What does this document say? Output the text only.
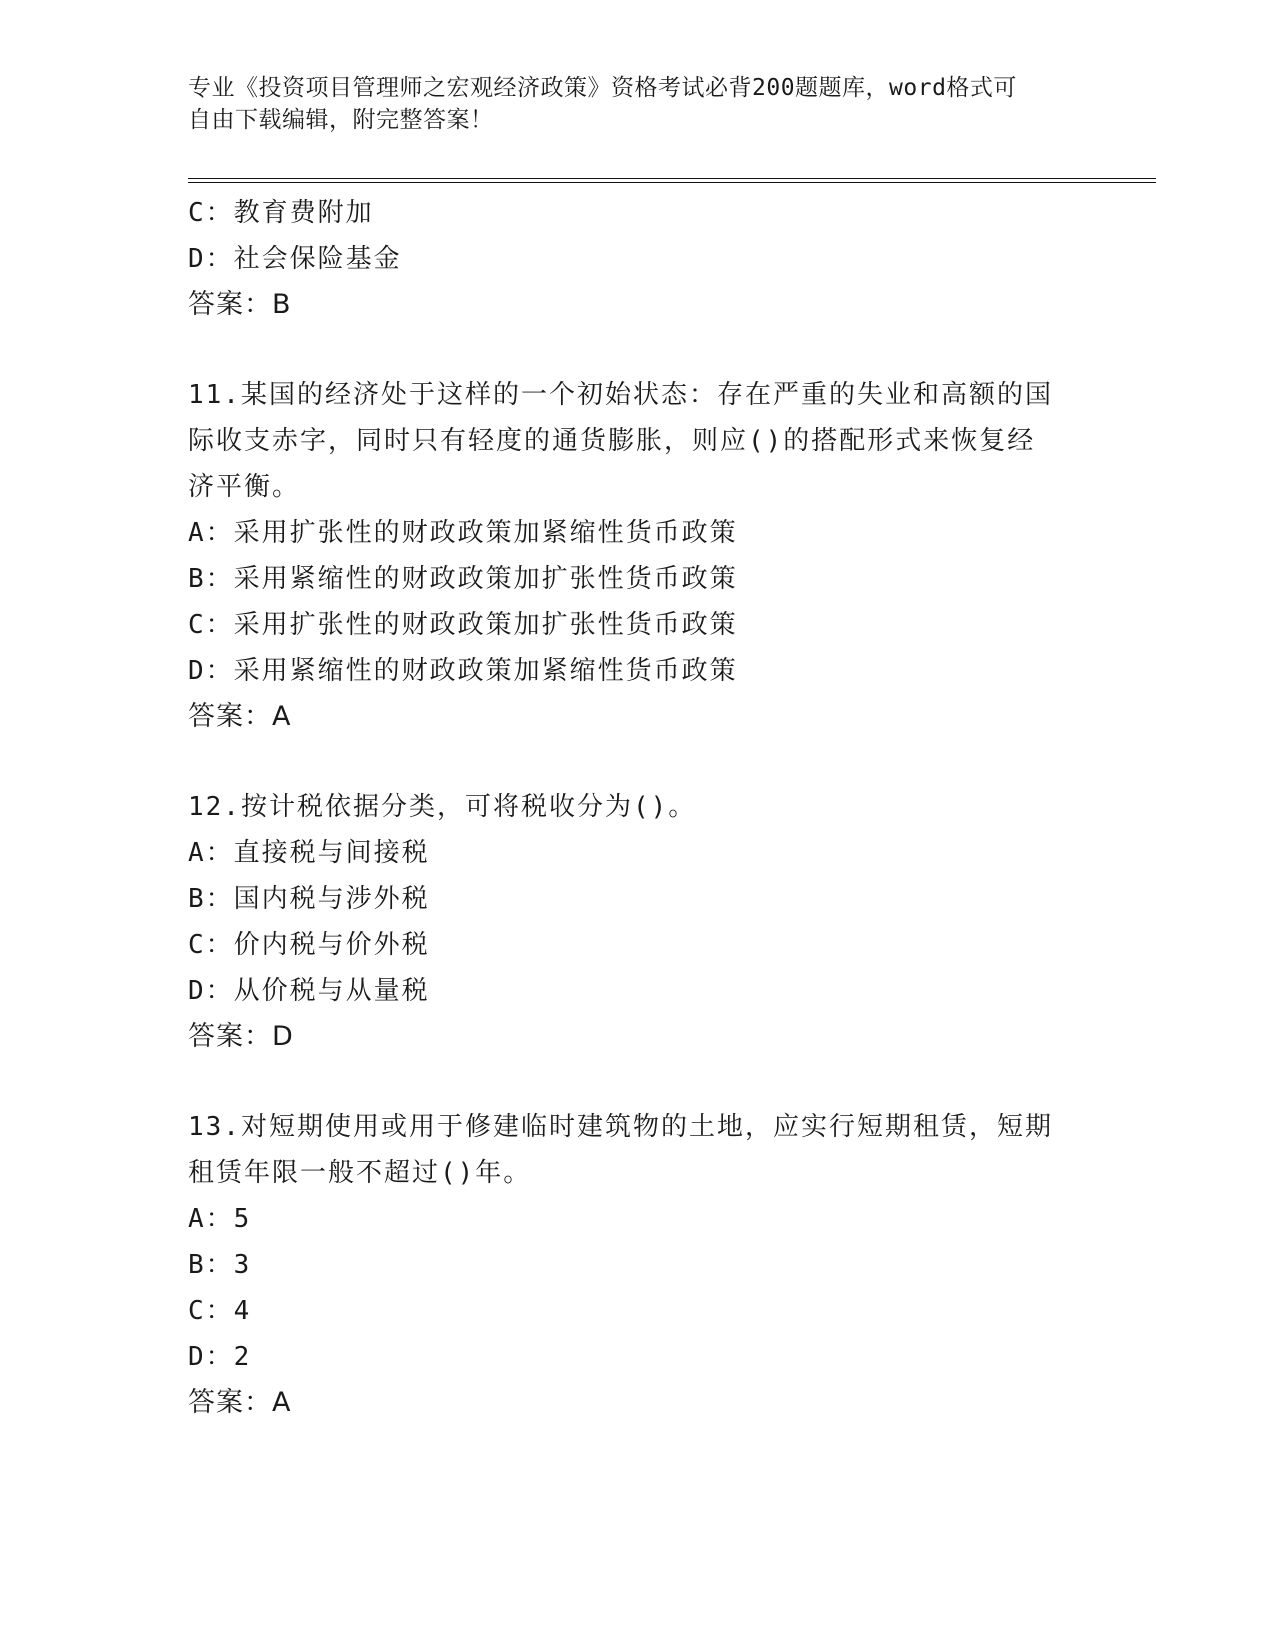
专业《投资项目管理师之宏观经济政策》资格考试必背200题题库，word格式可
自由下载编辑，附完整答案！
C：教育费附加
D：社会保险基金
答案：B
11.某国的经济处于这样的一个初始状态：存在严重的失业和高额的国
际收支赤字，同时只有轻度的通货膨胀，则应()的搭配形式来恢复经
济平衡。
A：采用扩张性的财政政策加紧缩性货币政策
B：采用紧缩性的财政政策加扩张性货币政策
C：采用扩张性的财政政策加扩张性货币政策
D：采用紧缩性的财政政策加紧缩性货币政策
答案：A
12.按计税依据分类，可将税收分为()。
A：直接税与间接税
B：国内税与涉外税
C：价内税与价外税
D：从价税与从量税
答案：D
13.对短期使用或用于修建临时建筑物的土地，应实行短期租赁，短期
租赁年限一般不超过()年。
A：5
B：3
C：4
D：2
答案：A
